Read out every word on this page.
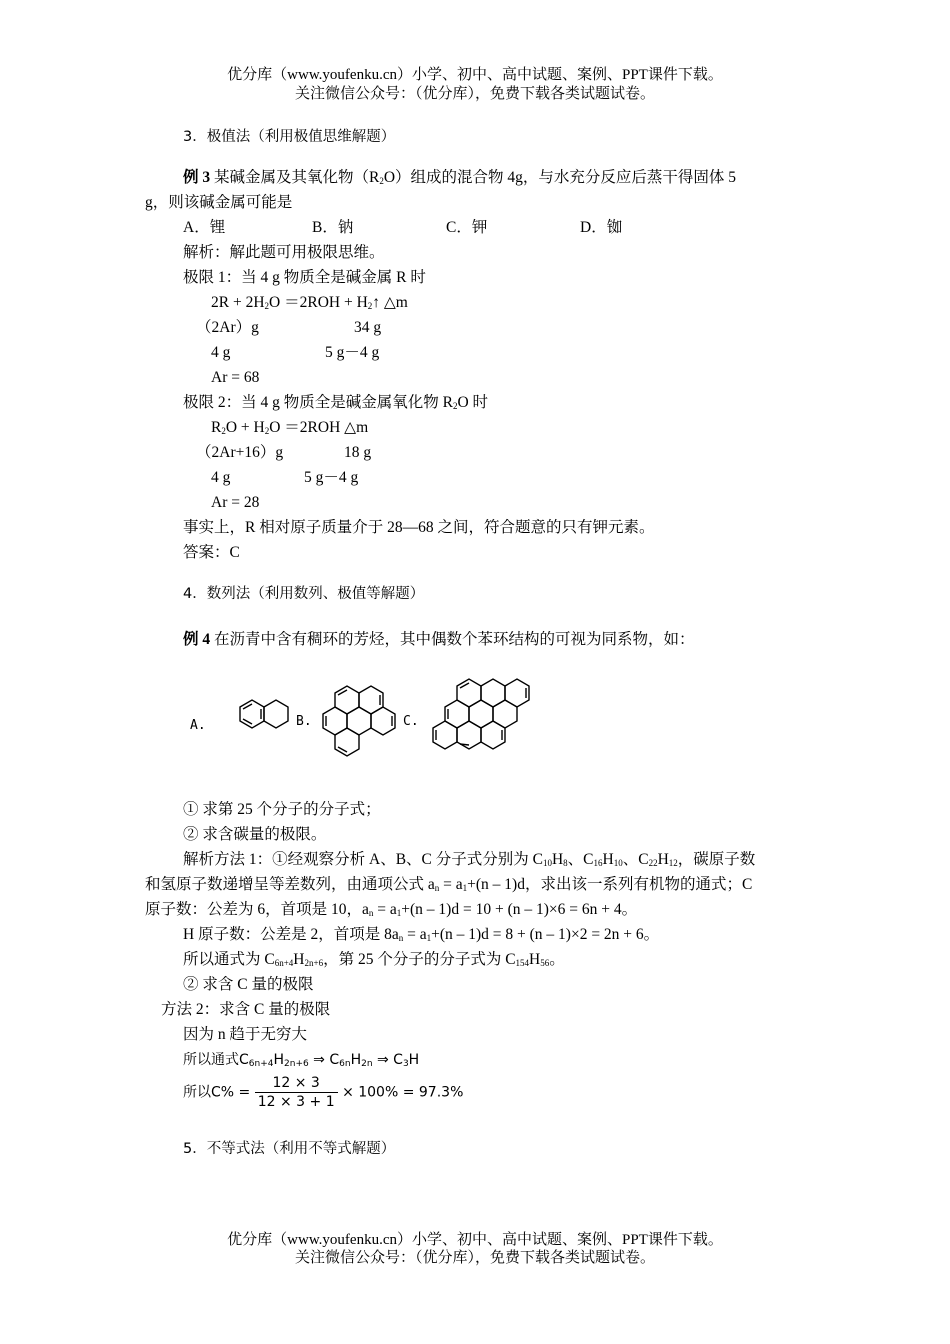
优分库（www.youfenku.cn）小学、初中、高中试题、案例、PPT课件下载。
关注微信公众号：（优分库），免费下载各类试题试卷。
3．极值法（利用极值思维解题）
例 3 某碱金属及其氧化物$(R_2O)$组成的混合物 4g，与水充分反应后蒸干得固体 5
g，则该碱金属可能是
A．锂	B．钠	C．钾	D．铷
解析：解此题可用极限思维。
极限 1：当 4 g 物质全是碱金属 R 时
$2R + 2H_2O =2ROH$ + $H_2↑$ △m
（2Ar）g	34 g
4 g	5 g－4 g
Ar = 68
极限 2：当 4 g 物质全是碱金属氧化物 $R_2O$ 时
$R_2O + H_2O =2ROH$ △m
（2Ar+16）g	18 g
4 g	5 g－4 g
Ar = 28
事实上，R 相对原子质量介于 28—68 之间，符合题意的只有钾元素。
答案：C
4．数列法（利用数列、极值等解题）
例 4 在沥青中含有稠环的芳烃，其中偶数个苯环结构的可视为同系物，如：
A.	B.	C.
① 求第 25 个分子的分子式；
② 求含碳量的极限。
解析方法 1：①经观察分析 A、B、C 分子式分别为 $C_{10}H_8$、$C_{16}H_{10}$、$C_{22}H_{12}$，碳原子数
和氢原子数递增呈等差数列，由通项公式 $a_n = a_1+(n - 1)d$，求出该一系列有机物的通式；C
原子数：公差为 6，首项是 10，$a_n = a_1+(n - 1)d = 10 + (n - 1)\times 6 = 6n + 4$。
H 原子数：公差是 2，首项是 $8a_n = a_1+(n - 1)d = 8 + (n - 1)\times 2 = 2n + 6$。
所以通式为 $C_{6n+4}H_{2n+6}$，第 25 个分子的分子式为 $C_{154}H_{56}$。
② 求含 C 量的极限
方法 2：求含 C 量的极限
因为 n 趋于无穷大
所以通式$C_{6n+4}H_{2n+6}$ ⇒ $C_{6n}H_{2n}$ ⇒ $C_3H$
所以$C\% = \frac{12 \times 3}{12 \times 3 + 1} \times 100\% = 97.3\%$
5．不等式法（利用不等式解题）
优分库（www.youfenku.cn）小学、初中、高中试题、案例、PPT课件下载。
关注微信公众号：（优分库），免费下载各类试题试卷。
